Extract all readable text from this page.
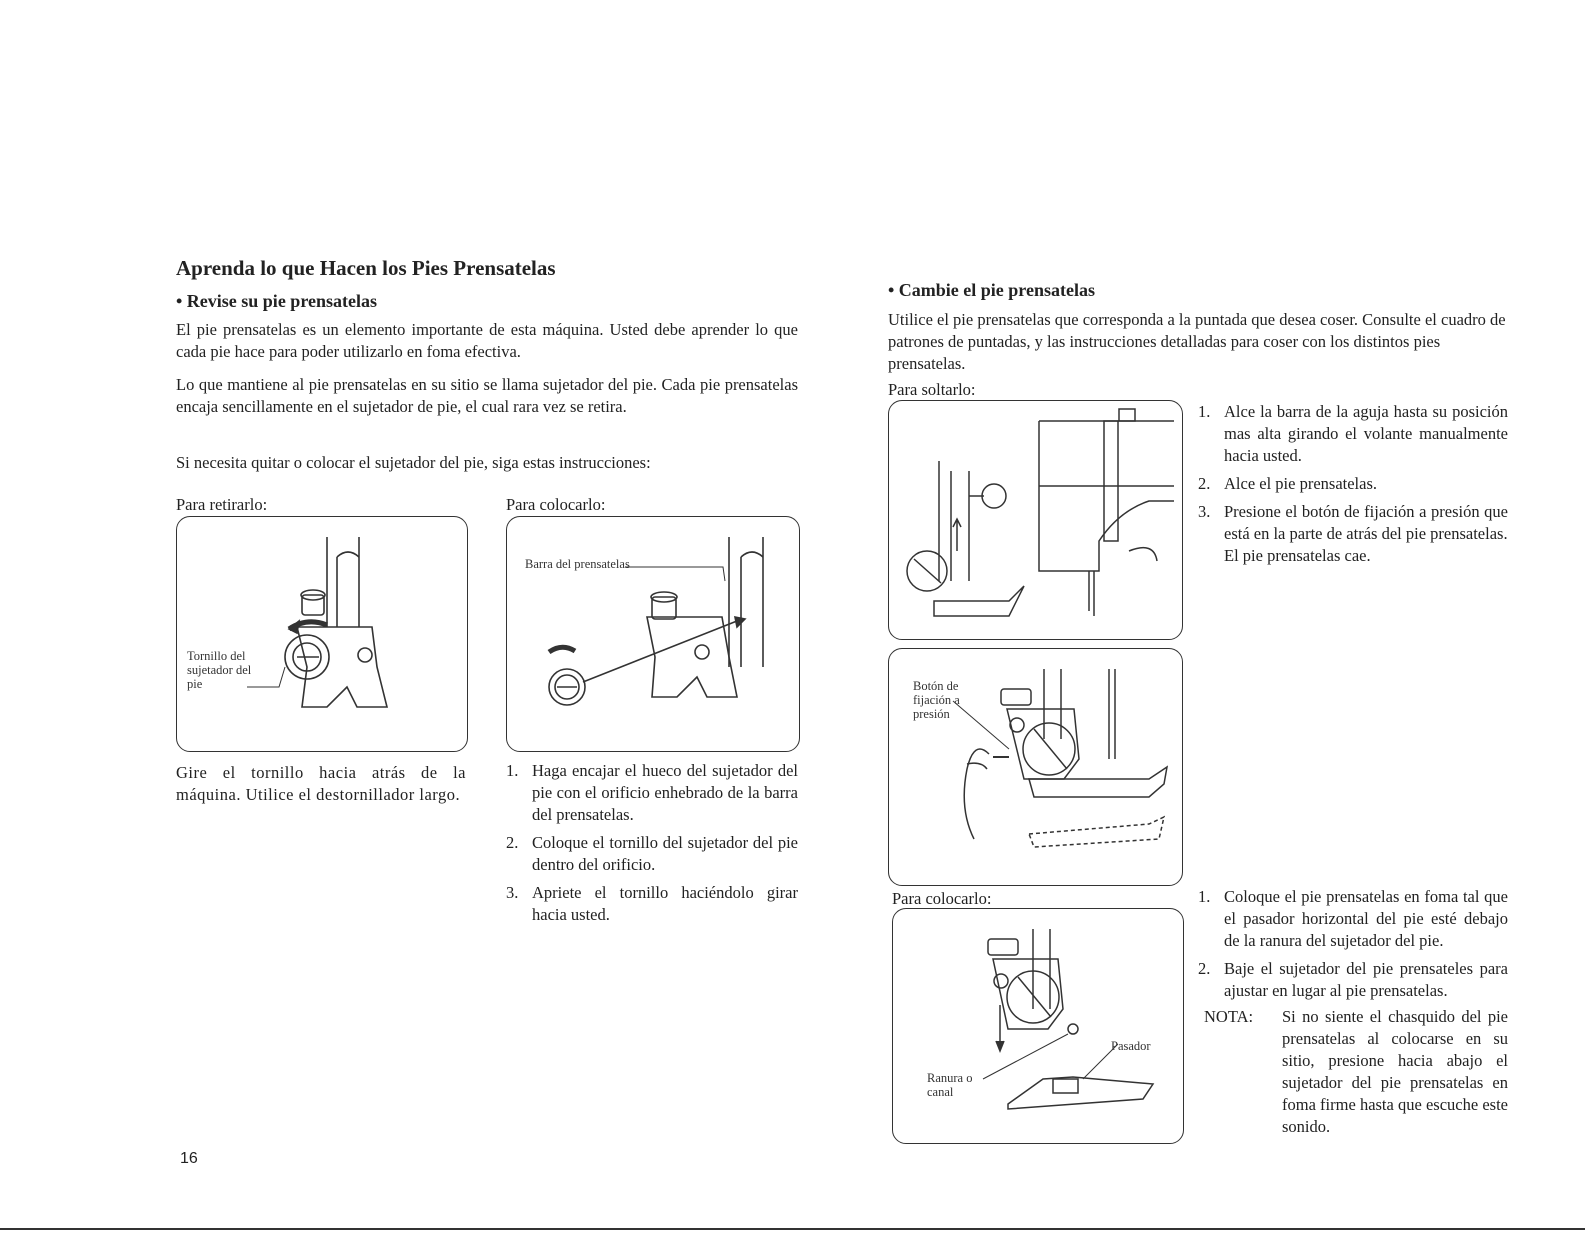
Aprenda lo que Hacen los Pies Prensatelas
• Revise su pie prensatelas
El pie prensatelas es un elemento importante de esta máquina. Usted debe aprender lo que cada pie hace para poder utilizarlo en foma efectiva.
Lo que mantiene al pie prensatelas en su sitio se llama sujetador del pie. Cada pie prensatelas encaja sencillamente en el sujetador de pie, el cual rara vez se retira.
Si necesita quitar o colocar el sujetador del pie, siga estas instrucciones:
Para retirarlo:
Tornillo del sujetador del pie
Gire el tornillo hacia atrás de la máquina. Utilice el destornillador largo.
Para colocarlo:
Barra del prensatelas
1. Haga encajar el hueco del sujetador del pie con el orificio enhebrado de la barra del prensatelas.
2. Coloque el tornillo del sujetador del pie dentro del orificio.
3. Apriete el tornillo haciéndolo girar hacia usted.
16
• Cambie el pie prensatelas
Utilice el pie prensatelas que corresponda a la puntada que desea coser. Consulte el cuadro de patrones de puntadas, y las instrucciones detalladas para coser con los distintos pies prensatelas.
Para soltarlo:
1. Alce la barra de la aguja hasta su posición mas alta girando el volante manualmente hacia usted.
2. Alce el pie prensatelas.
3. Presione el botón de fijación a presión que está en la parte de atrás del pie prensatelas.
El pie prensatelas cae.
Botón de fijación a presión
Para colocarlo:
Pasador
Ranura o canal
1. Coloque el pie prensatelas en foma tal que el pasador horizontal del pie esté debajo de la ranura del sujetador del pie.
2. Baje el sujetador del pie prensateles para ajustar en lugar al pie prensatelas.
NOTA: Si no siente el chasquido del pie prensatelas al colocarse en su sitio, presione hacia abajo el sujetador del pie prensatelas en foma firme hasta que escuche este sonido.
